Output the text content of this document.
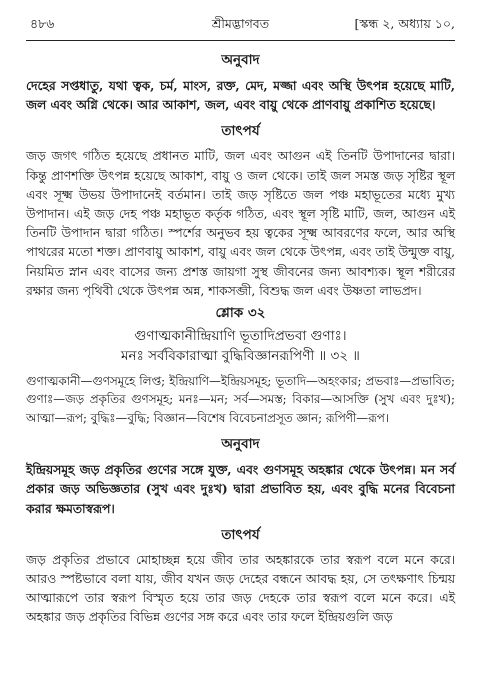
৪৮৬	শ্রীমদ্ভাগবত	[স্কন্ধ ২, অধ্যায় ১০,
অনুবাদ

দেহের সপ্তধাতু, যথা ত্বক, চর্ম, মাংস, রক্ত, মেদ, মজ্জা এবং অস্থি উৎপন্ন হয়েছে মাটি, জল এবং অগ্নি থেকে। আর আকাশ, জল, এবং বায়ু থেকে প্রাণবায়ু প্রকাশিত হয়েছে।

তাৎপর্য

জড় জগৎ গঠিত হয়েছে প্রধানত মাটি, জল এবং আগুন এই তিনটি উপাদানের দ্বারা। কিন্তু প্রাণশক্তি উৎপন্ন হয়েছে আকাশ, বায়ু ও জল থেকে। তাই জল সমস্ত জড় সৃষ্টির স্থূল এবং সূক্ষ্ম উভয় উপাদানেই বর্তমান। তাই জড় সৃষ্টিতে জল পঞ্চ মহাভূতের মধ্যে মুখ্য উপাদান। এই জড় দেহ পঞ্চ মহাভূত কর্তৃক গঠিত, এবং স্থূল সৃষ্টি মাটি, জল, আগুন এই তিনটি উপাদান দ্বারা গঠিত। স্পর্শের অনুভব হয় ত্বকের সূক্ষ্ম আবরণের ফলে, আর অস্থি পাথরের মতো শক্ত। প্রাণবায়ু আকাশ, বায়ু এবং জল থেকে উৎপন্ন, এবং তাই উন্মুক্ত বায়ু, নিয়মিত স্নান এবং বাসের জন্য প্রশস্ত জায়গা সুস্থ জীবনের জন্য আবশ্যক। স্থূল শরীরের রক্ষার জন্য পৃথিবী থেকে উৎপন্ন অন্ন, শাকসব্জী, বিশুদ্ধ জল এবং উষ্ণতা লাভপ্রদ।

শ্লোক ৩২
গুণাত্মকানীন্দ্রিয়াণি ভূতাদিপ্রভবা গুণাঃ।
মনঃ সর্ববিকারাত্মা বুদ্ধিবিজ্ঞানরূপিণী ॥ ৩২ ॥

গুণাত্মকানী—গুণসমূহে লিপ্ত; ইন্দ্রিয়াণি—ইন্দ্রিয়সমূহ; ভূতাদি—অহংকার; প্রভবাঃ—প্রভাবিত; গুণাঃ—জড় প্রকৃতির গুণসমূহ; মনঃ—মন; সর্ব—সমস্ত; বিকার—আসক্তি (সুখ এবং দুঃখ); আত্মা—রূপ; বুদ্ধিঃ—বুদ্ধি; বিজ্ঞান—বিশেষ বিবেচনাপ্রসূত জ্ঞান; রূপিণী—রূপ।

অনুবাদ

ইন্দ্রিয়সমূহ জড় প্রকৃতির গুণের সঙ্গে যুক্ত, এবং গুণসমূহ অহঙ্কার থেকে উৎপন্ন। মন সর্ব প্রকার জড় অভিজ্ঞতার (সুখ এবং দুঃখ) দ্বারা প্রভাবিত হয়, এবং বুদ্ধি মনের বিবেচনা করার ক্ষমতাস্বরূপ।

তাৎপর্য

জড় প্রকৃতির প্রভাবে মোহাচ্ছন্ন হয়ে জীব তার অহঙ্কারকে তার স্বরূপ বলে মনে করে। আরও স্পষ্টভাবে বলা যায়, জীব যখন জড় দেহের বন্ধনে আবদ্ধ হয়, সে তৎক্ষণাৎ চিন্ময় আত্মারূপে তার স্বরূপ বিস্মৃত হয়ে তার জড় দেহকে তার স্বরূপ বলে মনে করে। এই অহঙ্কার জড় প্রকৃতির বিভিন্ন গুণের সঙ্গ করে এবং তার ফলে ইন্দ্রিয়গুলি জড়
